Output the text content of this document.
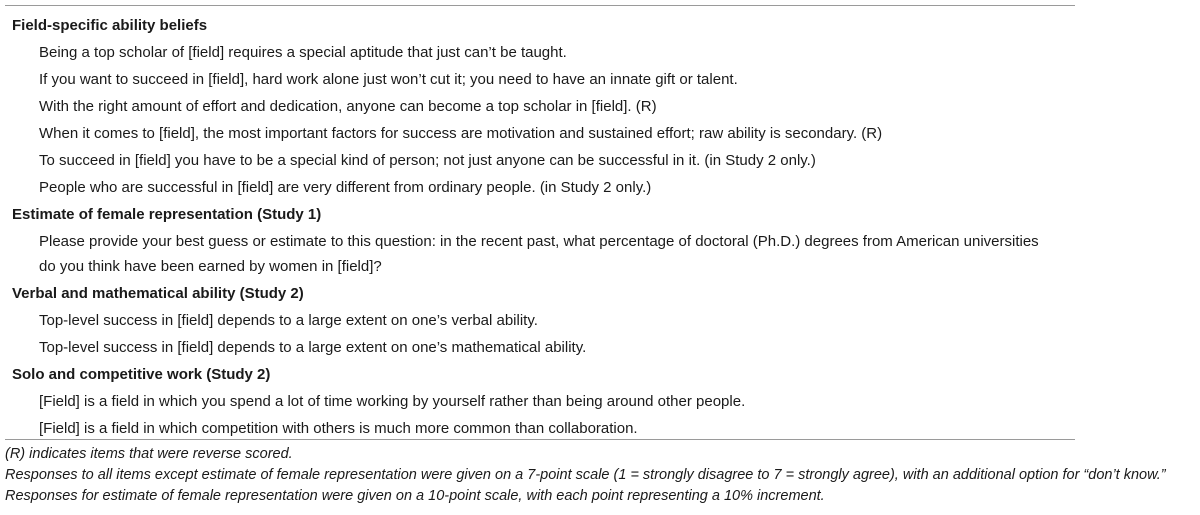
Field-specific ability beliefs
Being a top scholar of [field] requires a special aptitude that just can’t be taught.
If you want to succeed in [field], hard work alone just won’t cut it; you need to have an innate gift or talent.
With the right amount of effort and dedication, anyone can become a top scholar in [field]. (R)
When it comes to [field], the most important factors for success are motivation and sustained effort; raw ability is secondary. (R)
To succeed in [field] you have to be a special kind of person; not just anyone can be successful in it. (in Study 2 only.)
People who are successful in [field] are very different from ordinary people. (in Study 2 only.)
Estimate of female representation (Study 1)
Please provide your best guess or estimate to this question: in the recent past, what percentage of doctoral (Ph.D.) degrees from American universities do you think have been earned by women in [field]?
Verbal and mathematical ability (Study 2)
Top-level success in [field] depends to a large extent on one’s verbal ability.
Top-level success in [field] depends to a large extent on one’s mathematical ability.
Solo and competitive work (Study 2)
[Field] is a field in which you spend a lot of time working by yourself rather than being around other people.
[Field] is a field in which competition with others is much more common than collaboration.

(R) indicates items that were reverse scored.

Responses to all items except estimate of female representation were given on a 7-point scale (1 = strongly disagree to 7 = strongly agree), with an additional option for “don’t know.” Responses for estimate of female representation were given on a 10-point scale, with each point representing a 10% increment.
